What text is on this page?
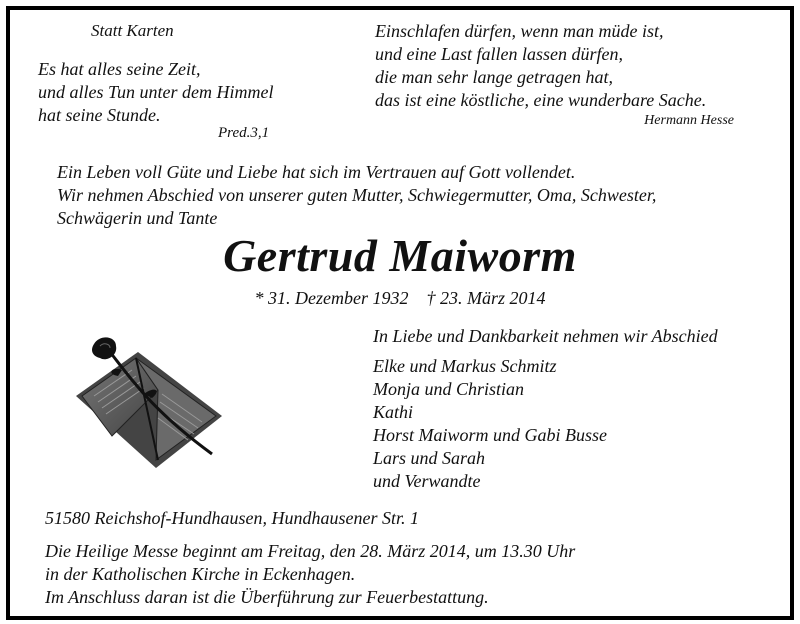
Statt Karten
Es hat alles seine Zeit,
und alles Tun unter dem Himmel
hat seine Stunde.
Pred.3,1
Einschlafen dürfen, wenn man müde ist,
und eine Last fallen lassen dürfen,
die man sehr lange getragen hat,
das ist eine köstliche, eine wunderbare Sache.
Hermann Hesse
Ein Leben voll Güte und Liebe hat sich im Vertrauen auf Gott vollendet.
Wir nehmen Abschied von unserer guten Mutter, Schwiegermutter, Oma, Schwester,
Schwägerin und Tante
Gertrud Maiworm
* 31. Dezember 1932    † 23. März 2014
In Liebe und Dankbarkeit nehmen wir Abschied
Elke und Markus Schmitz
Monja und Christian
Kathi
Horst Maiworm und Gabi Busse
Lars und Sarah
und Verwandte
51580 Reichshof-Hundhausen, Hundhausener Str. 1
Die Heilige Messe beginnt am Freitag, den 28. März 2014, um 13.30 Uhr
in der Katholischen Kirche in Eckenhagen.
Im Anschluss daran ist die Überführung zur Feuerbestattung.
